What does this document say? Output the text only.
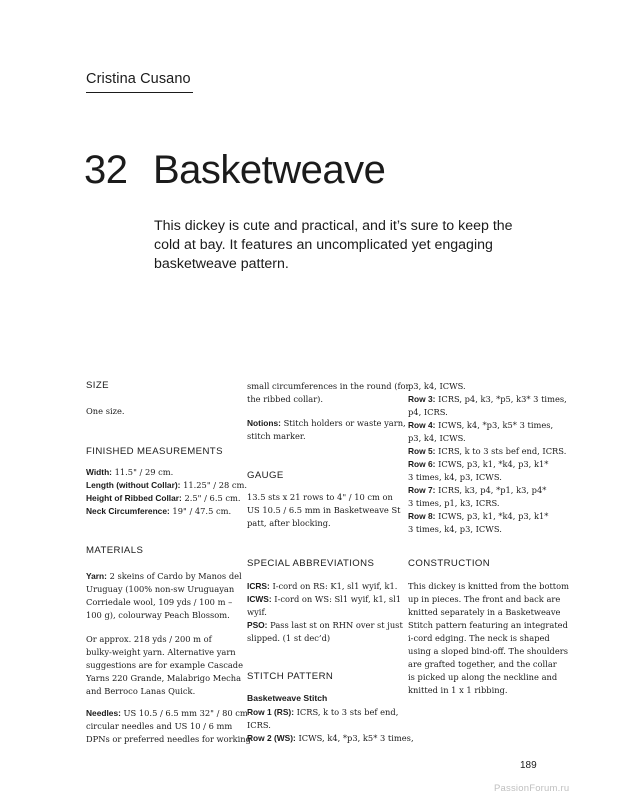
Cristina Cusano
32 Basketweave

This dickey is cute and practical, and it’s sure to keep the cold at bay. It features an uncomplicated yet engaging basketweave pattern.

SIZE

One size.

FINISHED MEASUREMENTS

Width: 11.5" / 29 cm.

Length (without Collar): 11.25" / 28 cm.

Height of Ribbed Collar: 2.5" / 6.5 cm.

Neck Circumference: 19" / 47.5 cm.

MATERIALS

Yarn: 2 skeins of Cardo by Manos del

Uruguay (100% non-sw Uruguayan

Corriedale wool, 109 yds / 100 m –

100 g), colourway Peach Blossom.

Or approx. 218 yds / 200 m of

bulky-weight yarn. Alternative yarn

suggestions are for example Cascade

Yarns 220 Grande, Malabrigo Mecha

and Berroco Lanas Quick.

Needles: US 10.5 / 6.5 mm 32" / 80 cm

circular needles and US 10 / 6 mm

DPNs or preferred needles for working

small circumferences in the round (for

the ribbed collar).

Notions: Stitch holders or waste yarn,

stitch marker.

GAUGE

13.5 sts x 21 rows to 4" / 10 cm on

US 10.5 / 6.5 mm in Basketweave St

patt, after blocking.

SPECIAL ABBREVIATIONS

ICRS: I-cord on RS: K1, sl1 wyif, k1.

ICWS: I-cord on WS: Sl1 wyif, k1, sl1

wyif.

PSO: Pass last st on RHN over st just

slipped. (1 st dec’d)

STITCH PATTERN
Basketweave Stitch

Row 1 (RS): ICRS, k to 3 sts bef end,

ICRS.

Row 2 (WS): ICWS, k4, *p3, k5* 3 times,

p3, k4, ICWS.

Row 3: ICRS, p4, k3, *p5, k3* 3 times,

p4, ICRS.

Row 4: ICWS, k4, *p3, k5* 3 times,

p3, k4, ICWS.

Row 5: ICRS, k to 3 sts bef end, ICRS.

Row 6: ICWS, p3, k1, *k4, p3, k1*

3 times, k4, p3, ICWS.

Row 7: ICRS, k3, p4, *p1, k3, p4*

3 times, p1, k3, ICRS.

Row 8: ICWS, p3, k1, *k4, p3, k1*

3 times, k4, p3, ICWS.

CONSTRUCTION

This dickey is knitted from the bottom

up in pieces. The front and back are

knitted separately in a Basketweave

Stitch pattern featuring an integrated

i-cord edging. The neck is shaped

using a sloped bind-off. The shoulders

are grafted together, and the collar

is picked up along the neckline and

knitted in 1 x 1 ribbing.

189
PassionForum.ru
